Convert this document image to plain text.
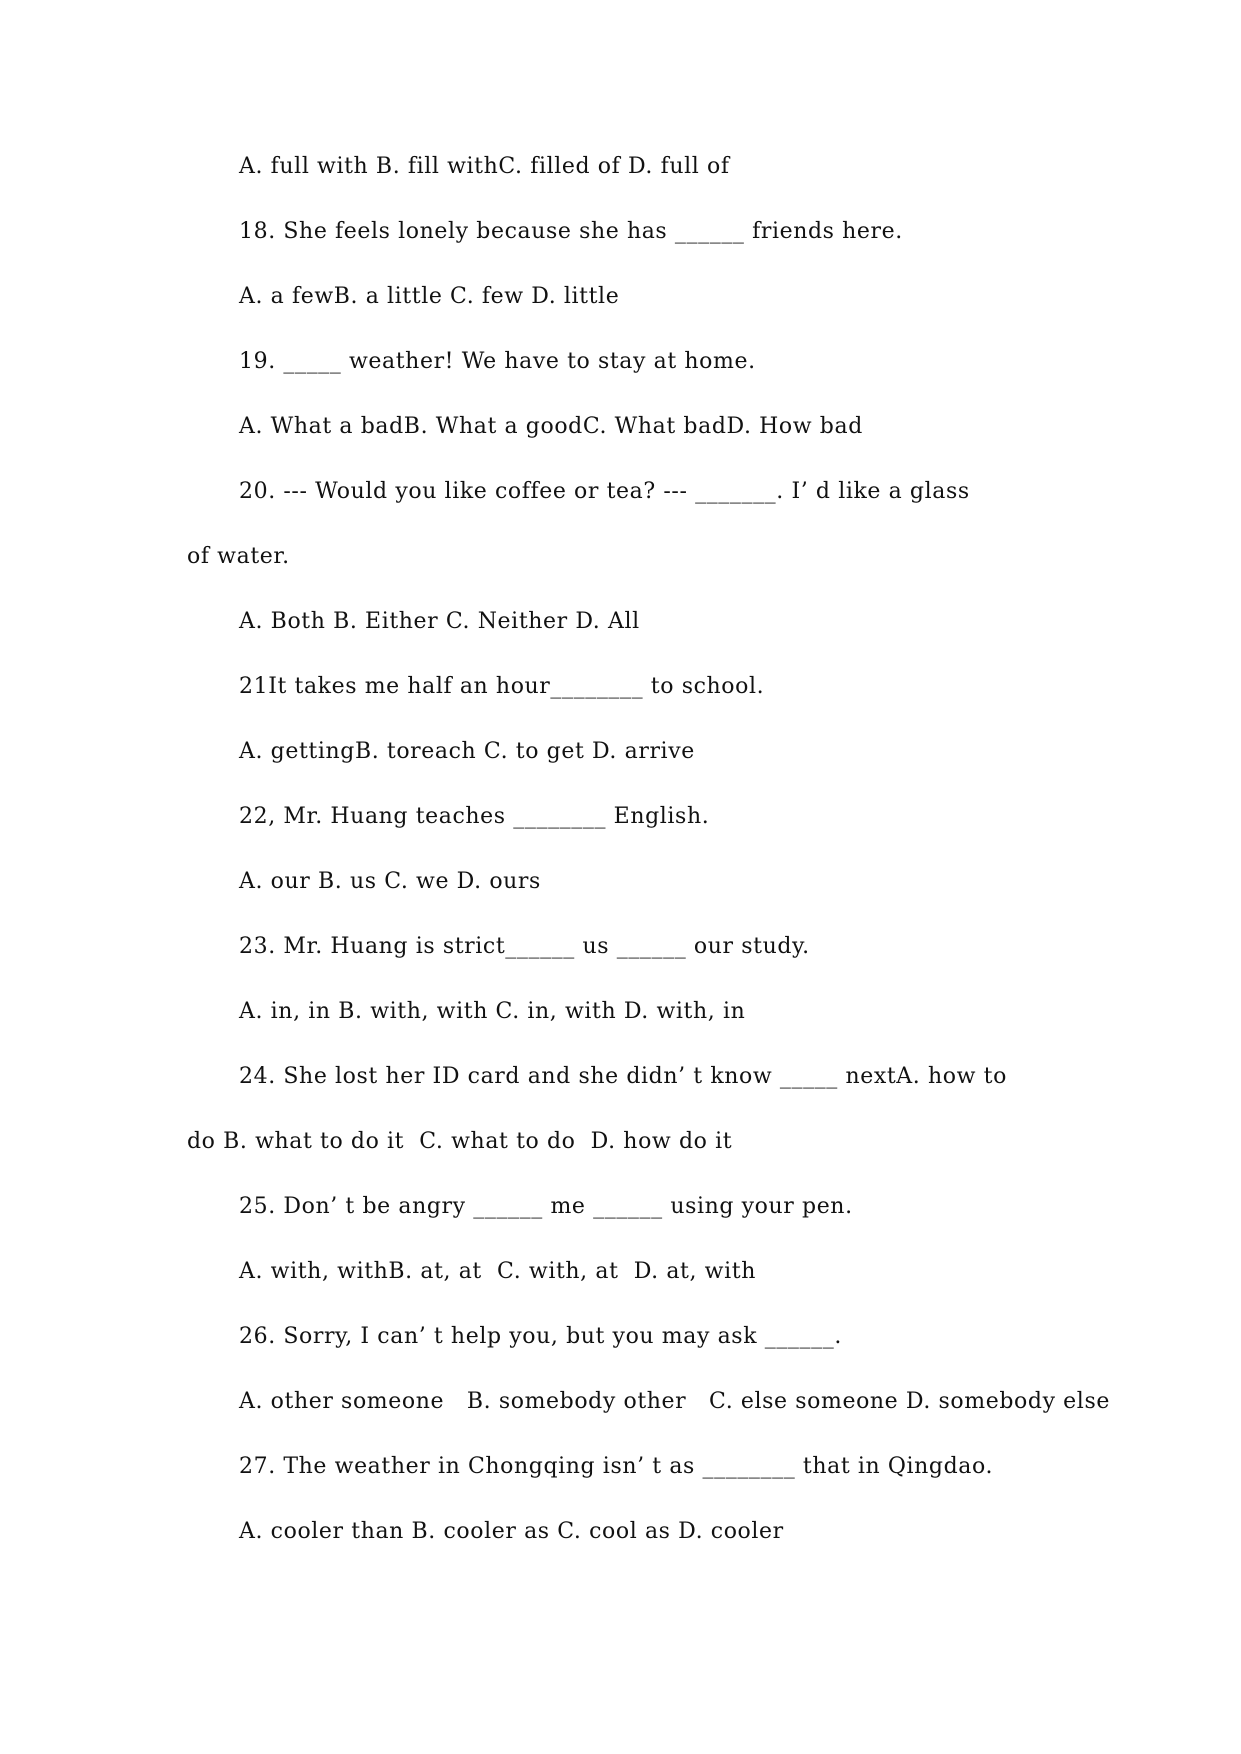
A. full with B. fill withC. filled of D. full of
18. She feels lonely because she has ______ friends here.
A. a fewB. a little C. few D. little
19. _____ weather! We have to stay at home.
A. What a badB. What a goodC. What badD. How bad
20. --- Would you like coffee or tea? --- _______. I’ d like a glass
of water.
A. Both B. Either C. Neither D. All
21It takes me half an hour________ to school.
A. gettingB. toreach C. to get D. arrive
22, Mr. Huang teaches ________ English.
A. our B. us C. we D. ours
23. Mr. Huang is strict______ us ______ our study.
A. in, in B. with, with C. in, with D. with, in
24. She lost her ID card and she didn’ t know _____ nextA. how to
do B. what to do it  C. what to do  D. how do it
25. Don’ t be angry ______ me ______ using your pen.
A. with, withB. at, at  C. with, at  D. at, with
26. Sorry, I can’ t help you, but you may ask ______.
A. other someone   B. somebody other   C. else someone D. somebody else
27. The weather in Chongqing isn’ t as ________ that in Qingdao.
A. cooler than B. cooler as C. cool as D. cooler
